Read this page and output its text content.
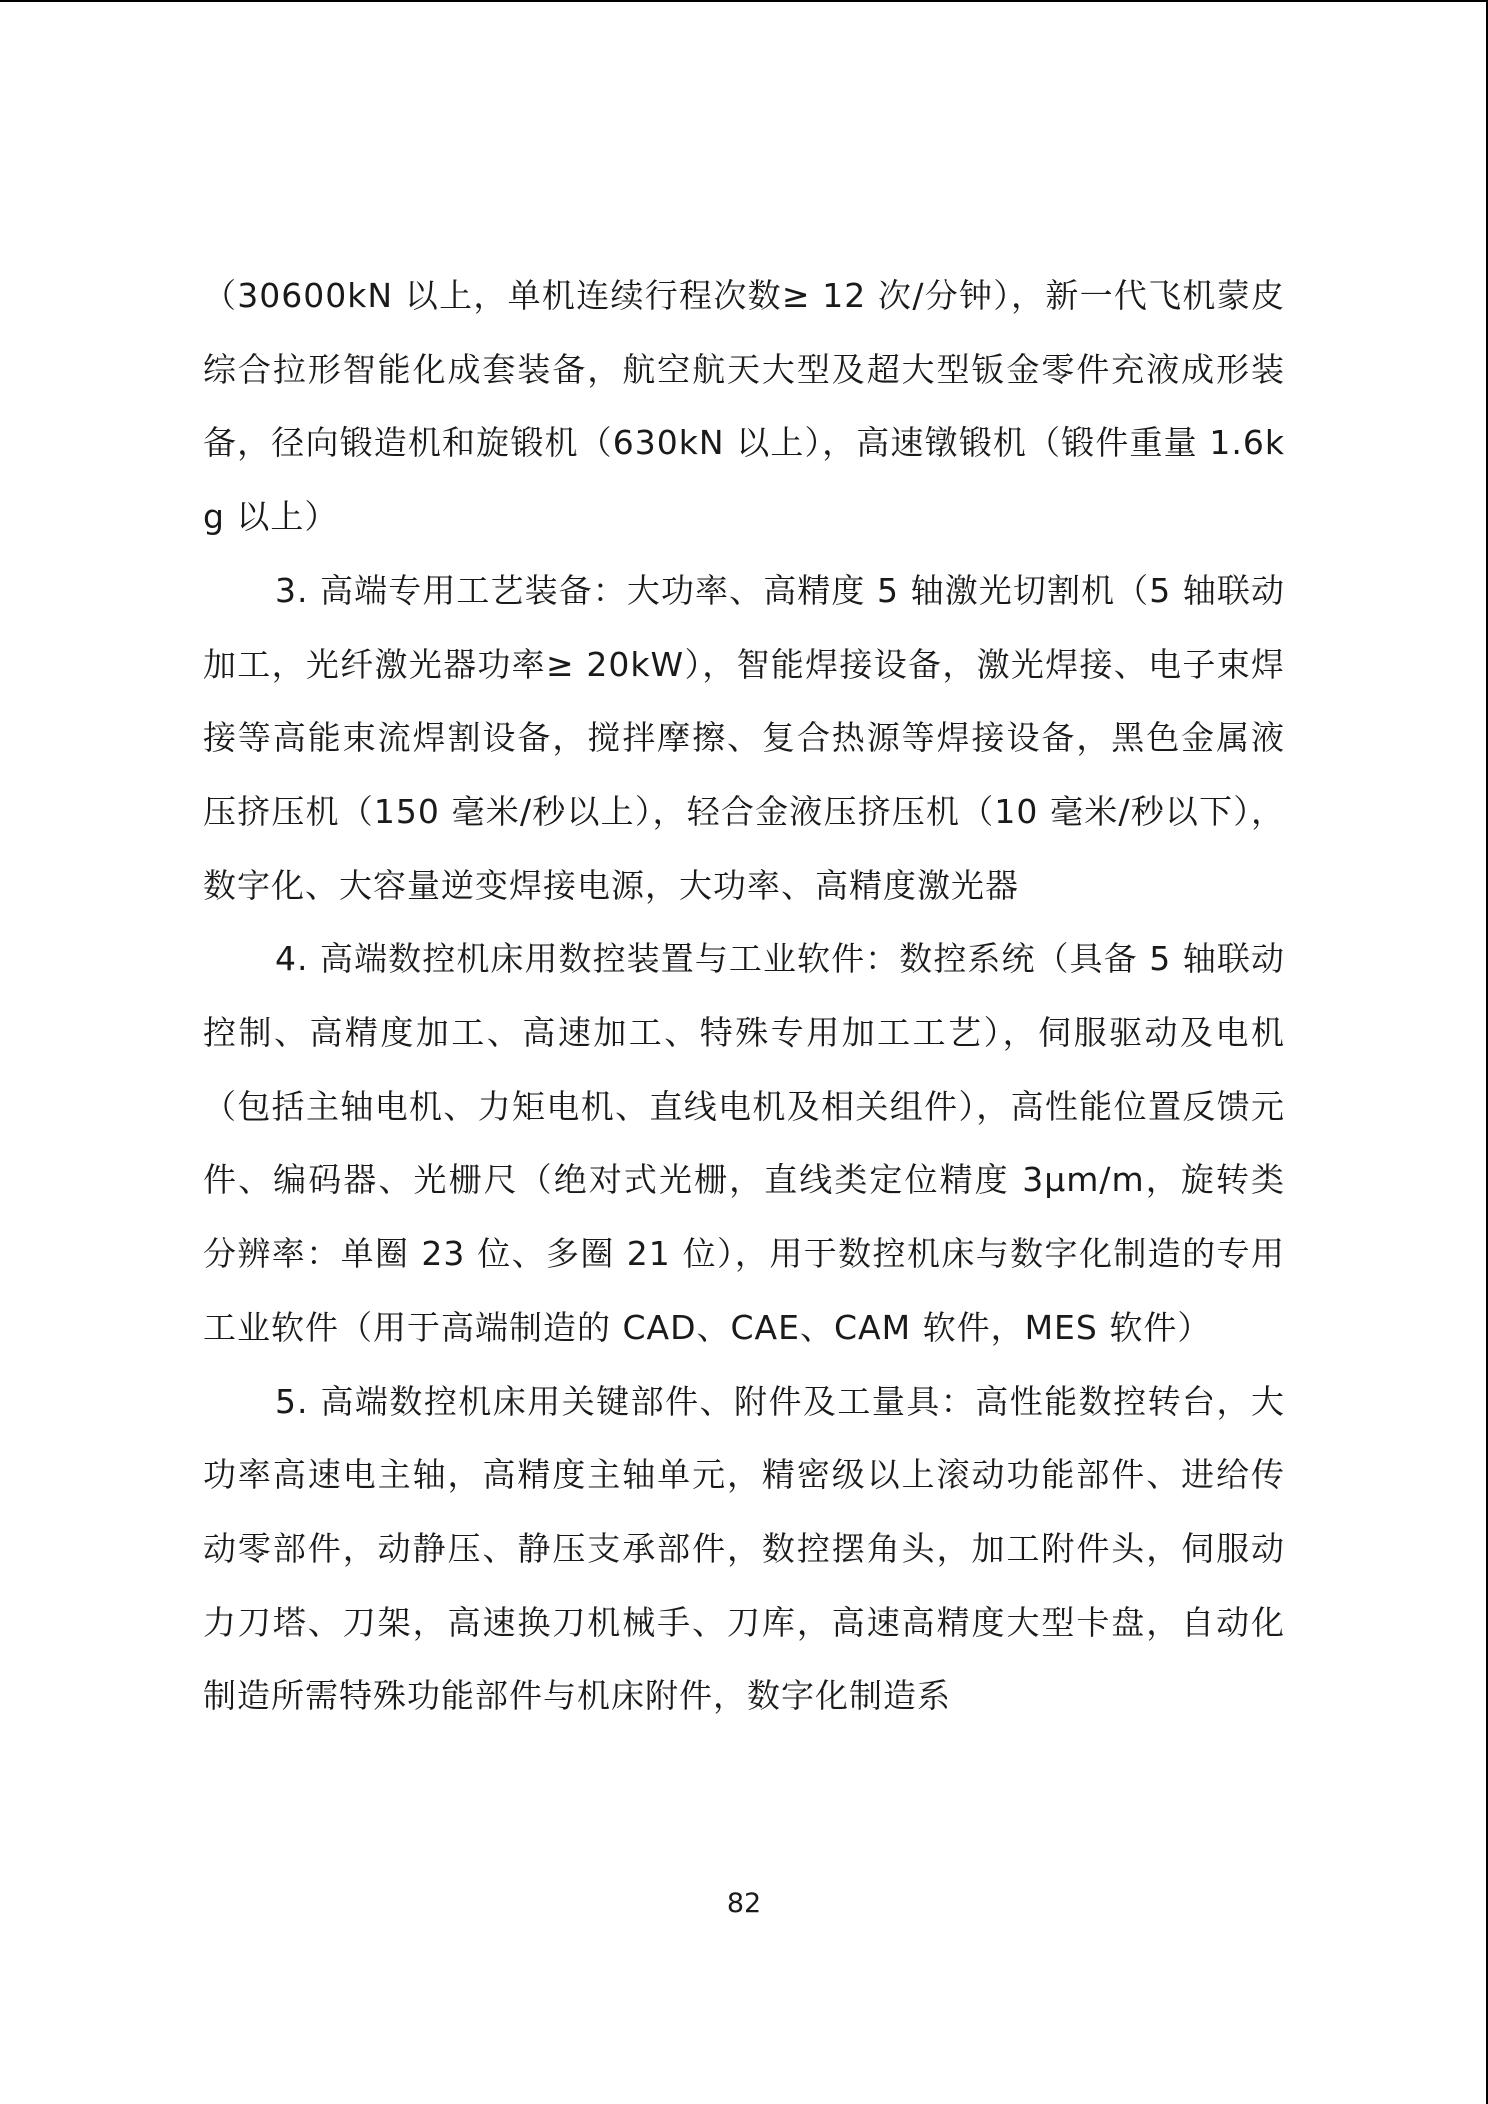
（30600kN 以上，单机连续行程次数≥ 12 次/分钟），新一代飞机蒙皮综合拉形智能化成套装备，航空航天大型及超大型钣金零件充液成形装备，径向锻造机和旋锻机（630kN 以上），高速镦锻机（锻件重量 1.6kg 以上）

3. 高端专用工艺装备：大功率、高精度 5 轴激光切割机（5 轴联动加工，光纤激光器功率≥ 20kW），智能焊接设备，激光焊接、电子束焊接等高能束流焊割设备，搅拌摩擦、复合热源等焊接设备，黑色金属液压挤压机（150 毫米/秒以上），轻合金液压挤压机（10 毫米/秒以下），数字化、大容量逆变焊接电源，大功率、高精度激光器

4. 高端数控机床用数控装置与工业软件：数控系统（具备 5 轴联动控制、高精度加工、高速加工、特殊专用加工工艺），伺服驱动及电机（包括主轴电机、力矩电机、直线电机及相关组件），高性能位置反馈元件、编码器、光栅尺（绝对式光栅，直线类定位精度 3μm/m，旋转类分辨率：单圈 23 位、多圈 21 位），用于数控机床与数字化制造的专用工业软件（用于高端制造的 CAD、CAE、CAM 软件，MES 软件）

5. 高端数控机床用关键部件、附件及工量具：高性能数控转台，大功率高速电主轴，高精度主轴单元，精密级以上滚动功能部件、进给传动零部件，动静压、静压支承部件，数控摆角头，加工附件头，伺服动力刀塔、刀架，高速换刀机械手、刀库，高速高精度大型卡盘，自动化制造所需特殊功能部件与机床附件，数字化制造系

82
